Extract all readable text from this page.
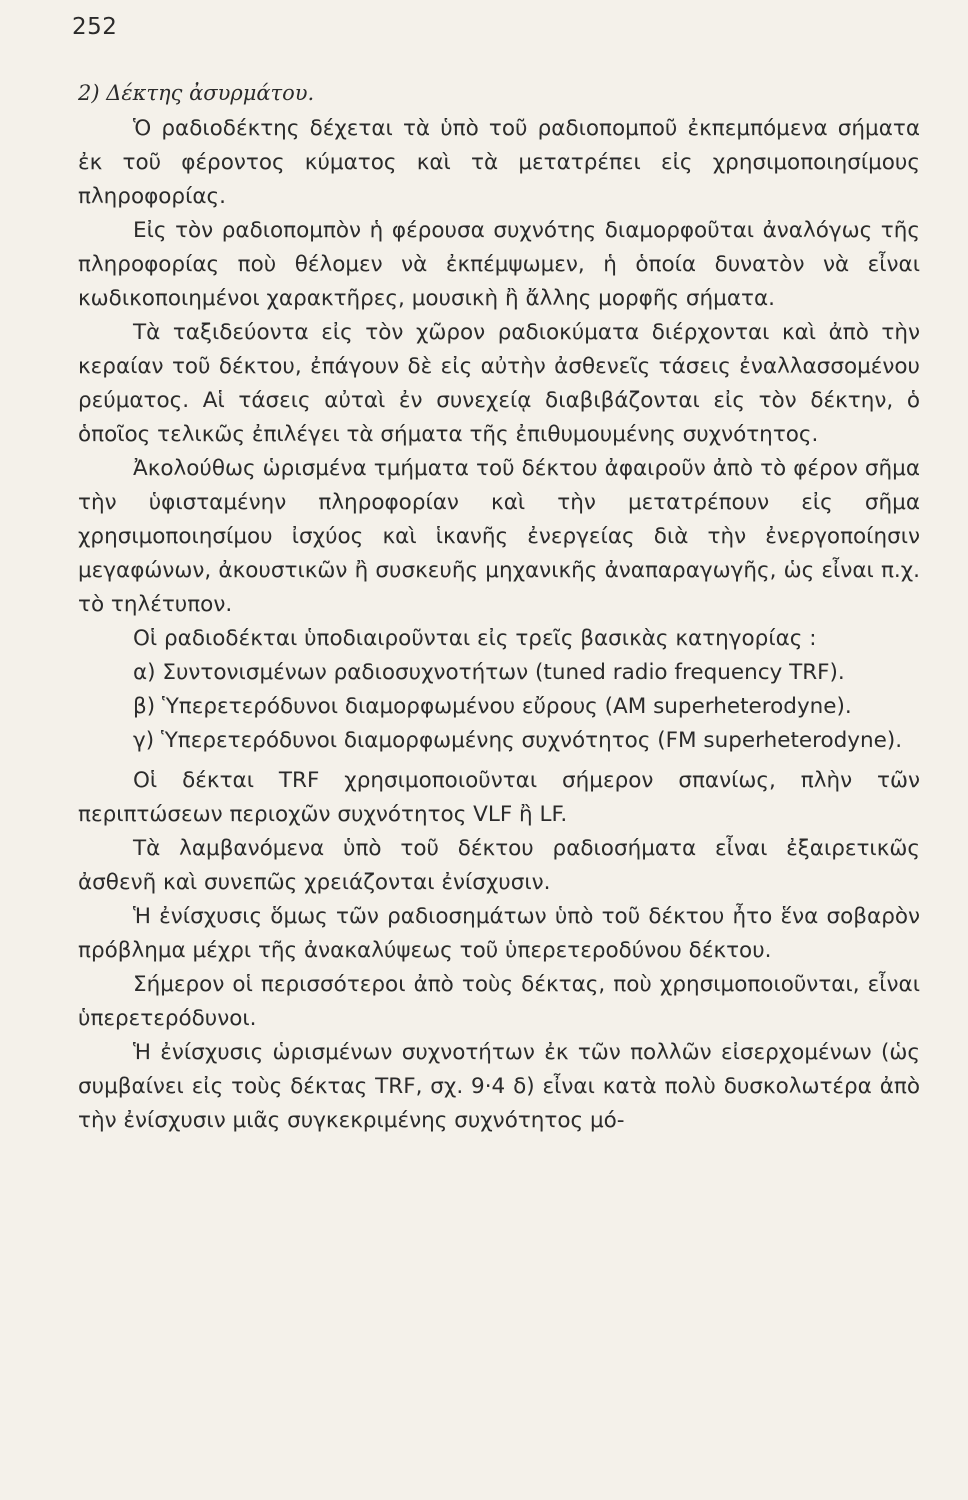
252
2) Δέκτης ἀσυρμάτου.

Ὁ ραδιοδέκτης δέχεται τὰ ὑπὸ τοῦ ραδιοπομποῦ ἐκπεμπόμενα σήματα ἐκ τοῦ φέροντος κύματος καὶ τὰ μετατρέπει εἰς χρησιμοποιησίμους πληροφορίας.

Εἰς τὸν ραδιοπομπὸν ἡ φέρουσα συχνότης διαμορφοῦται ἀναλόγως τῆς πληροφορίας ποὺ θέλομεν νὰ ἐκπέμψωμεν, ἡ ὁποία δυνατὸν νὰ εἶναι κωδικοποιημένοι χαρακτῆρες, μουσικὴ ἢ ἄλλης μορφῆς σήματα.

Τὰ ταξιδεύοντα εἰς τὸν χῶρον ραδιοκύματα διέρχονται καὶ ἀπὸ τὴν κεραίαν τοῦ δέκτου, ἐπάγουν δὲ εἰς αὐτὴν ἀσθενεῖς τάσεις ἐναλλασσομένου ρεύματος. Αἱ τάσεις αὐταὶ ἐν συνεχείᾳ διαβιβάζονται εἰς τὸν δέκτην, ὁ ὁποῖος τελικῶς ἐπιλέγει τὰ σήματα τῆς ἐπιθυμουμένης συχνότητος.

Ἀκολούθως ὡρισμένα τμήματα τοῦ δέκτου ἀφαιροῦν ἀπὸ τὸ φέρον σῆμα τὴν ὑφισταμένην πληροφορίαν καὶ τὴν μετατρέπουν εἰς σῆμα χρησιμοποιησίμου ἰσχύος καὶ ἱκανῆς ἐνεργείας διὰ τὴν ἐνεργοποίησιν μεγαφώνων, ἀκουστικῶν ἢ συσκευῆς μηχανικῆς ἀναπαραγωγῆς, ὡς εἶναι π.χ. τὸ τηλέτυπον.

Οἱ ραδιοδέκται ὑποδιαιροῦνται εἰς τρεῖς βασικὰς κατηγορίας :

α) Συντονισμένων ραδιοσυχνοτήτων (tuned radio frequency TRF).

β) Ὑπερετερόδυνοι διαμορφωμένου εὔρους (AM superheterodyne).

γ) Ὑπερετερόδυνοι διαμορφωμένης συχνότητος (FM superheterodyne).

Οἱ δέκται TRF χρησιμοποιοῦνται σήμερον σπανίως, πλὴν τῶν περιπτώσεων περιοχῶν συχνότητος VLF ἢ LF.

Τὰ λαμβανόμενα ὑπὸ τοῦ δέκτου ραδιοσήματα εἶναι ἐξαιρετικῶς ἀσθενῆ καὶ συνεπῶς χρειάζονται ἐνίσχυσιν.

Ἡ ἐνίσχυσις ὅμως τῶν ραδιοσημάτων ὑπὸ τοῦ δέκτου ἦτο ἕνα σοβαρὸν πρόβλημα μέχρι τῆς ἀνακαλύψεως τοῦ ὑπερετεροδύνου δέκτου.

Σήμερον οἱ περισσότεροι ἀπὸ τοὺς δέκτας, ποὺ χρησιμοποιοῦνται, εἶναι ὑπερετερόδυνοι.

Ἡ ἐνίσχυσις ὡρισμένων συχνοτήτων ἐκ τῶν πολλῶν εἰσερχομένων (ὡς συμβαίνει εἰς τοὺς δέκτας TRF, σχ. 9·4 δ) εἶναι κατὰ πολὺ δυσκολωτέρα ἀπὸ τὴν ἐνίσχυσιν μιᾶς συγκεκριμένης συχνότητος μό-
